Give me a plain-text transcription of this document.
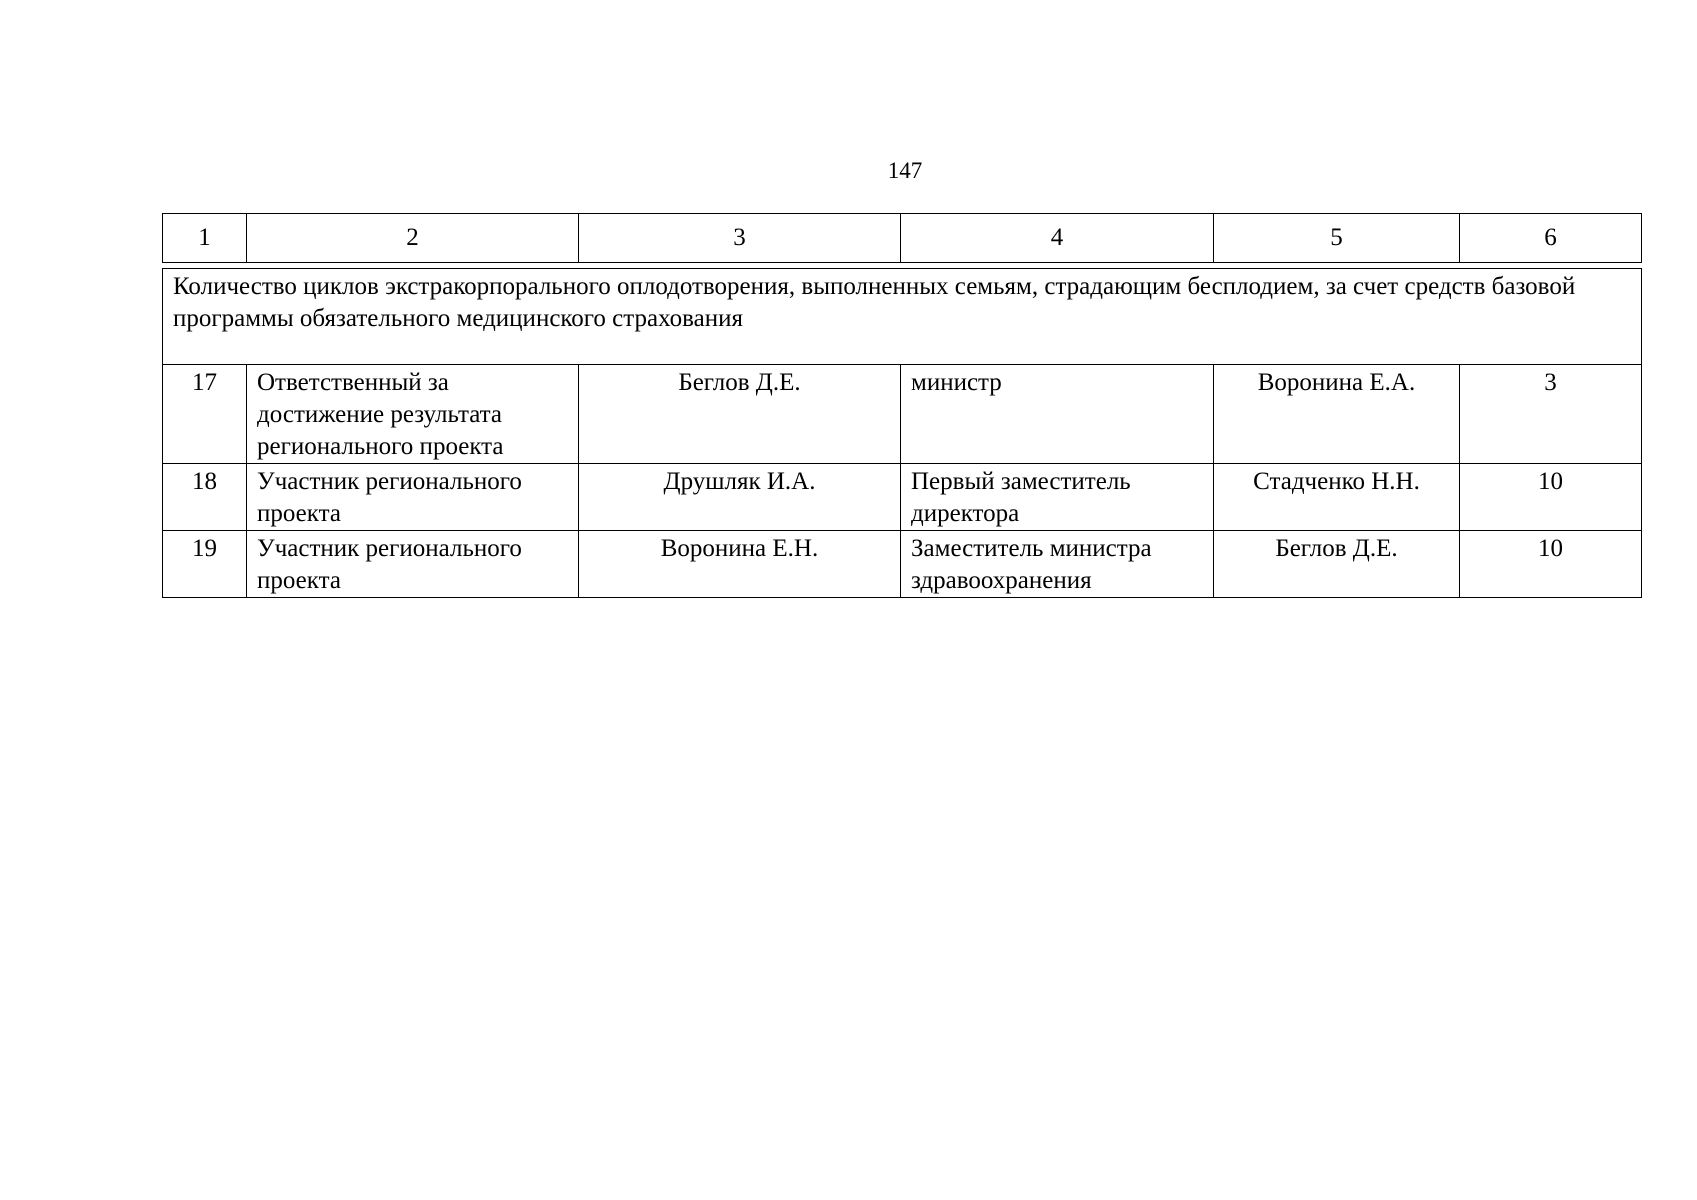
147
1	2	3	4	5	6
Количество циклов экстракорпорального оплодотворения, выполненных семьям, страдающим бесплодием, за счет средств базовой программы обязательного медицинского страхования					
17	Ответственный за достижение результата регионального проекта	Беглов Д.Е.	министр	Воронина Е.А.	3
18	Участник регионального проекта	Друшляк И.А.	Первый заместитель директора	Стадченко Н.Н.	10
19	Участник регионального проекта	Воронина Е.Н.	Заместитель министра здравоохранения	Беглов Д.Е.	10
